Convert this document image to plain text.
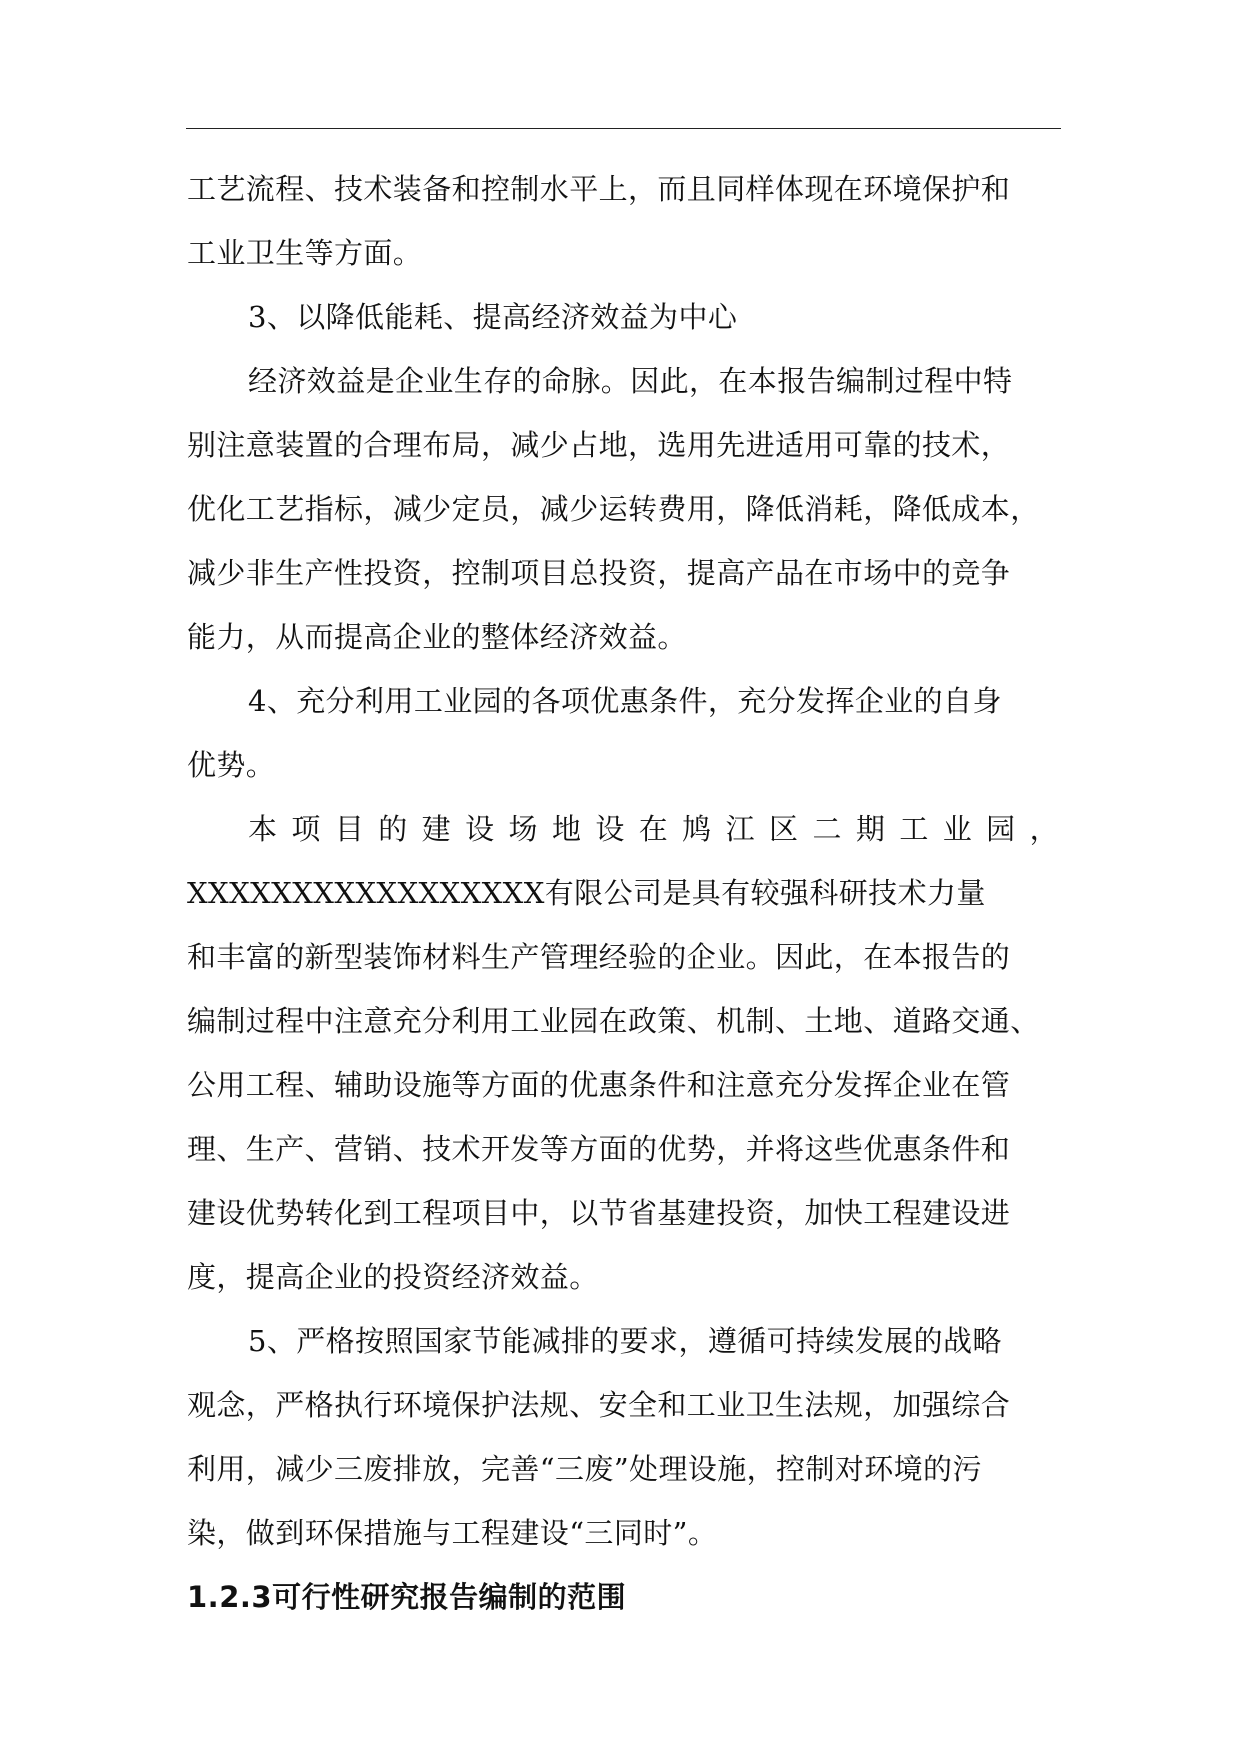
工艺流程、技术装备和控制水平上，而且同样体现在环境保护和
工业卫生等方面。
3、以降低能耗、提高经济效益为中心
经济效益是企业生存的命脉。因此，在本报告编制过程中特
别注意装置的合理布局，减少占地，选用先进适用可靠的技术，
优化工艺指标，减少定员，减少运转费用，降低消耗，降低成本，
减少非生产性投资，控制项目总投资，提高产品在市场中的竞争
能力，从而提高企业的整体经济效益。
4、充分利用工业园的各项优惠条件，充分发挥企业的自身
优势。
本项目的建设场地设在鸠江区二期工业园，
XXXXXXXXXXXXXXXXX有限公司是具有较强科研技术力量
和丰富的新型装饰材料生产管理经验的企业。因此，在本报告的
编制过程中注意充分利用工业园在政策、机制、土地、道路交通、
公用工程、辅助设施等方面的优惠条件和注意充分发挥企业在管
理、生产、营销、技术开发等方面的优势，并将这些优惠条件和
建设优势转化到工程项目中，以节省基建投资，加快工程建设进
度，提高企业的投资经济效益。
5、严格按照国家节能减排的要求，遵循可持续发展的战略
观念，严格执行环境保护法规、安全和工业卫生法规，加强综合
利用，减少三废排放，完善“三废”处理设施，控制对环境的污
染，做到环保措施与工程建设“三同时”。
1.2.3可行性研究报告编制的范围
